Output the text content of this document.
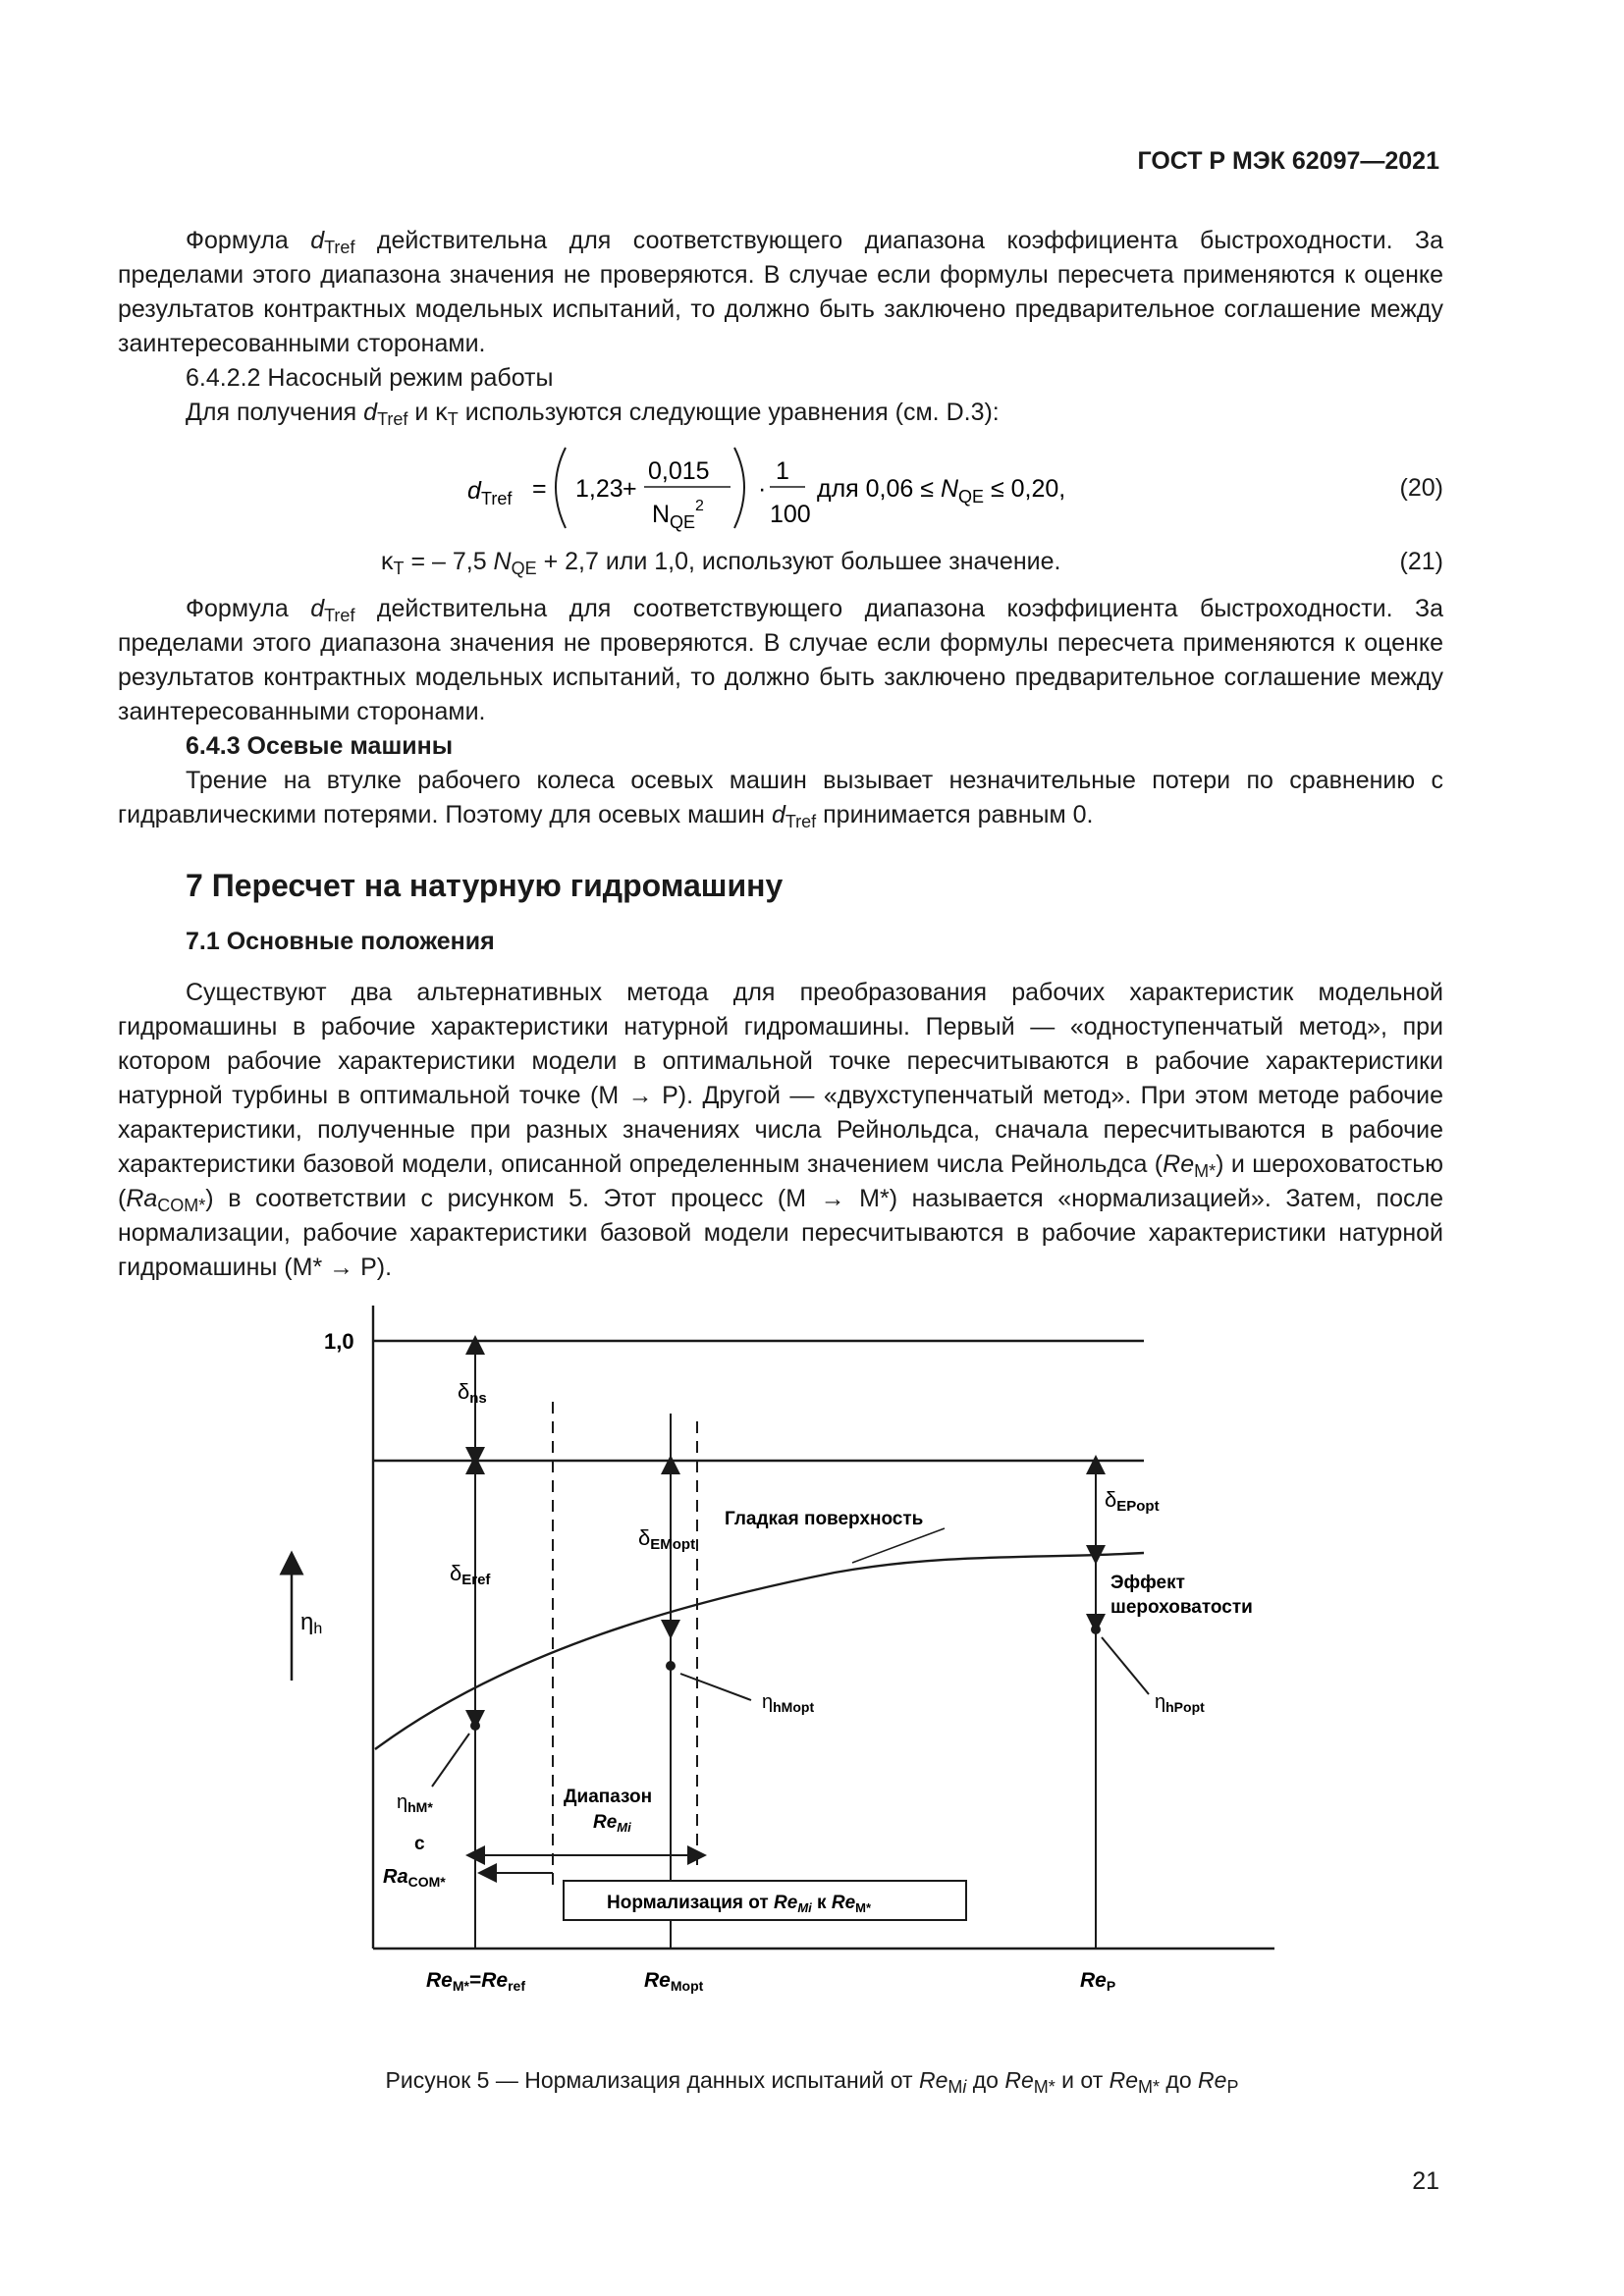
ГОСТ Р МЭК 62097—2021

Формула $d_{Tref}$ действительна для соответствующего диапазона коэффициента быстроходности. За пределами этого диапазона значения не проверяются. В случае если формулы пересчета применяются к оценке результатов контрактных модельных испытаний, то должно быть заключено предварительное соглашение между заинтересованными сторонами.

6.4.2.2 Насосный режим работы

Для получения $d_{Tref}$ и $\kappa_T$ используются следующие уравнения (см. D.3):

d Tref = 1,23 +
0,015
N QE
2
·
1
100
для $0,06 \le N_{QE} \le 0,20$,	(20)
$\kappa_T$ = – 7,5 $N_{QE} + 2,7$ или 1,0, используют большее значение.	(21)

Формула $d_{Tref}$ действительна для соответствующего диапазона коэффициента быстроходности. За пределами этого диапазона значения не проверяются. В случае если формулы пересчета применяются к оценке результатов контрактных модельных испытаний, то должно быть заключено предварительное соглашение между заинтересованными сторонами.

6.4.3 Осевые машины

Трение на втулке рабочего колеса осевых машин вызывает незначительные потери по сравнению с гидравлическими потерями. Поэтому для осевых машин $d_{Tref}$ принимается равным 0.

7 Пересчет на натурную гидромашину
7.1 Основные положения

Существуют два альтернативных метода для преобразования рабочих характеристик модельной гидромашины в рабочие характеристики натурной гидромашины. Первый — «одноступенчатый метод», при котором рабочие характеристики модели в оптимальной точке пересчитываются в рабочие характеристики натурной турбины в оптимальной точке (М → Р). Другой — «двухступенчатый метод». При этом методе рабочие характеристики, полученные при разных значениях числа Рейнольдса, сначала пересчитываются в рабочие характеристики базовой модели, описанной определенным значением числа Рейнольдса $(Re_{M*})$ и шероховатостью $(Ra_{COM*})$ в соответствии с рисунком 5. Этот процесс (М → М*) называется «нормализацией». Затем, после нормализации, рабочие характеристики базовой модели пересчитываются в рабочие характеристики натурной гидромашины (М* → Р).

Рисунок 5 — Нормализация данных испытаний от $Re_{Mi}$ до $Re_{M*}$ и от $Re_{M*}$ до $Re_P$
21
1,0
δns
δEref
δEMopt
δEPopt
ηh
Гладкая поверхность
Эффект
шероховатости
$\eta_{hMopt}$	$\eta_{hPopt}$
$\eta_{hM*}$
с
$Ra_{COM*}$
Диапазон
$Re_{Mi}$
Нормализация от $Re_{Mi}$ к $Re_{M*}$
ReM*=Reref	ReMopt	ReP
